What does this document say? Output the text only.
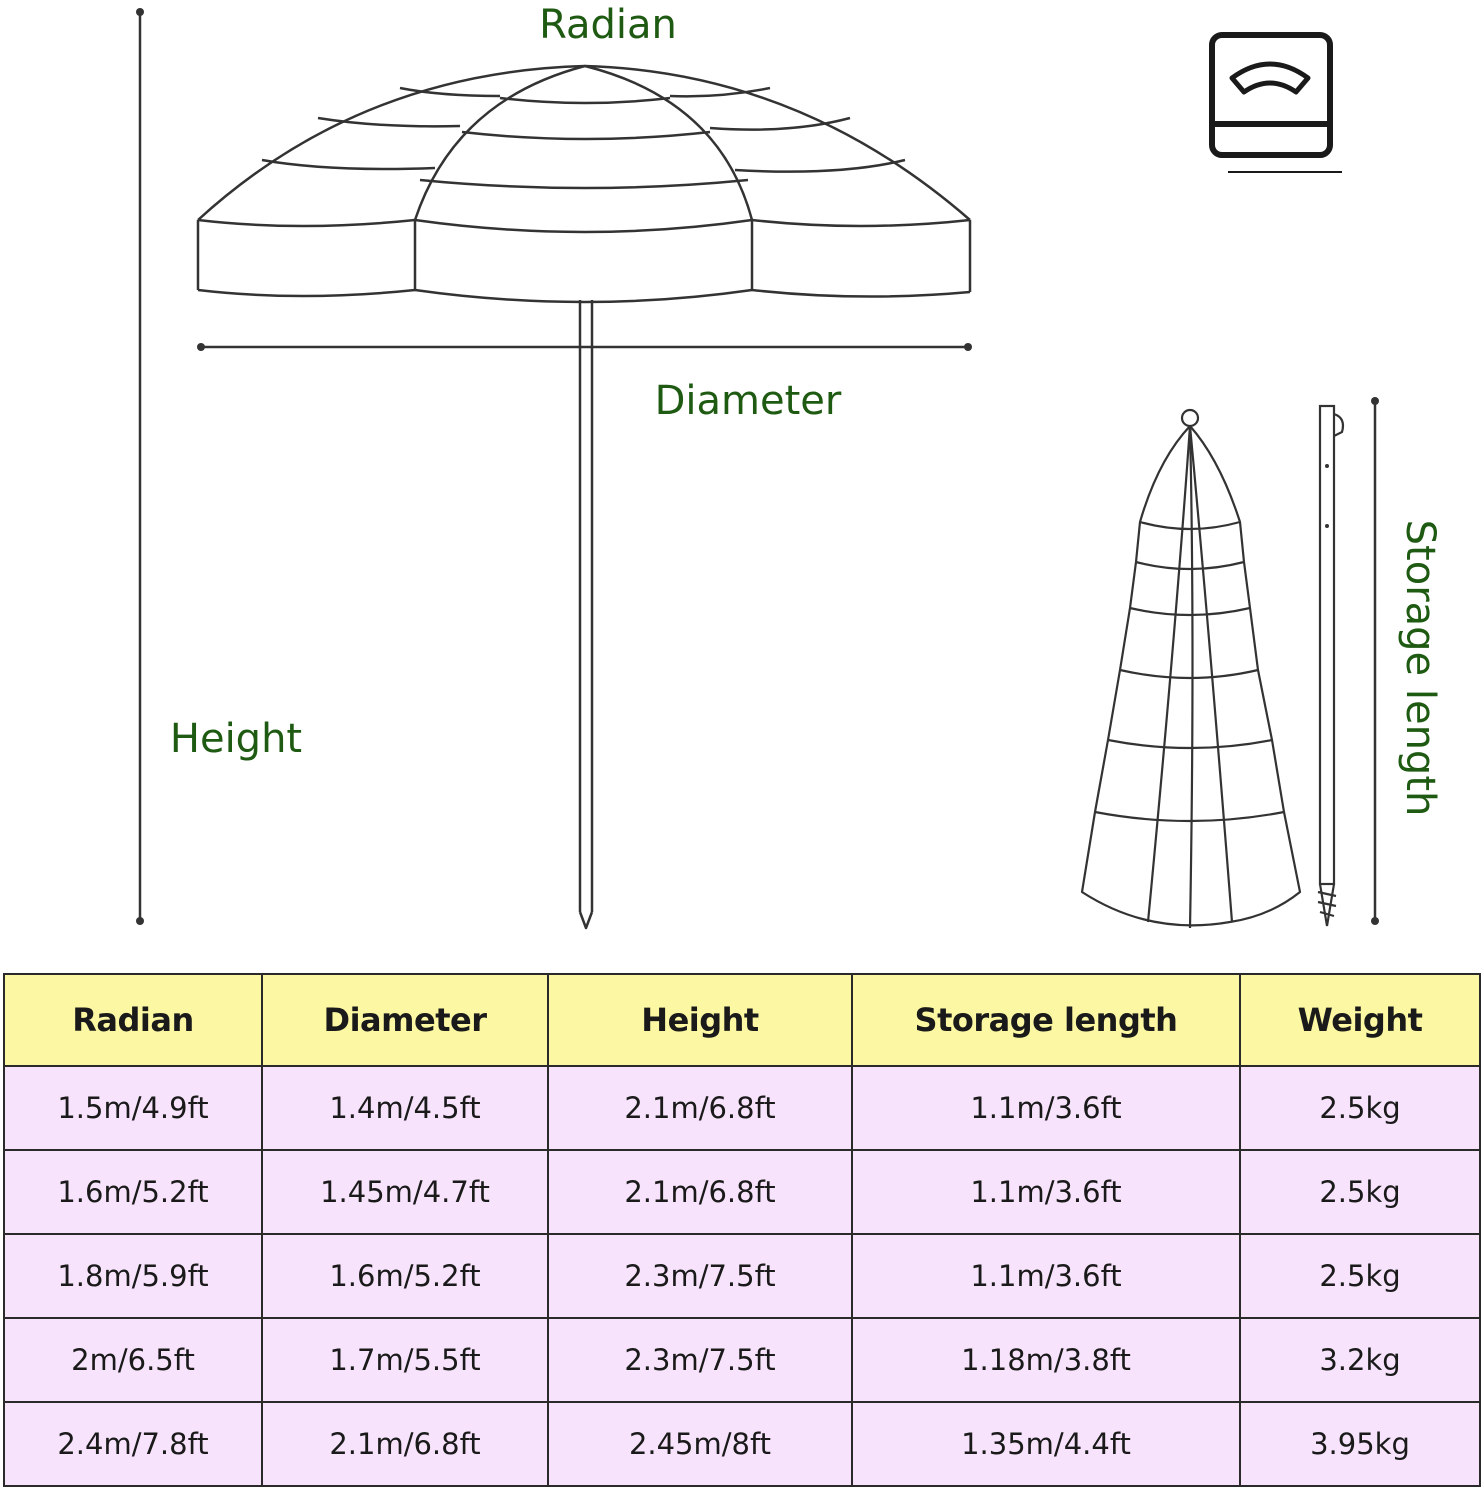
Radian
Diameter
Height	Storage length
Radian	Diameter	Height	Storage length	Weight
1.5m/4.9ft	1.4m/4.5ft	2.1m/6.8ft	1.1m/3.6ft	2.5kg
1.6m/5.2ft	1.45m/4.7ft	2.1m/6.8ft	1.1m/3.6ft	2.5kg
1.8m/5.9ft	1.6m/5.2ft	2.3m/7.5ft	1.1m/3.6ft	2.5kg
2m/6.5ft	1.7m/5.5ft	2.3m/7.5ft	1.18m/3.8ft	3.2kg
2.4m/7.8ft	2.1m/6.8ft	2.45m/8ft	1.35m/4.4ft	3.95kg
